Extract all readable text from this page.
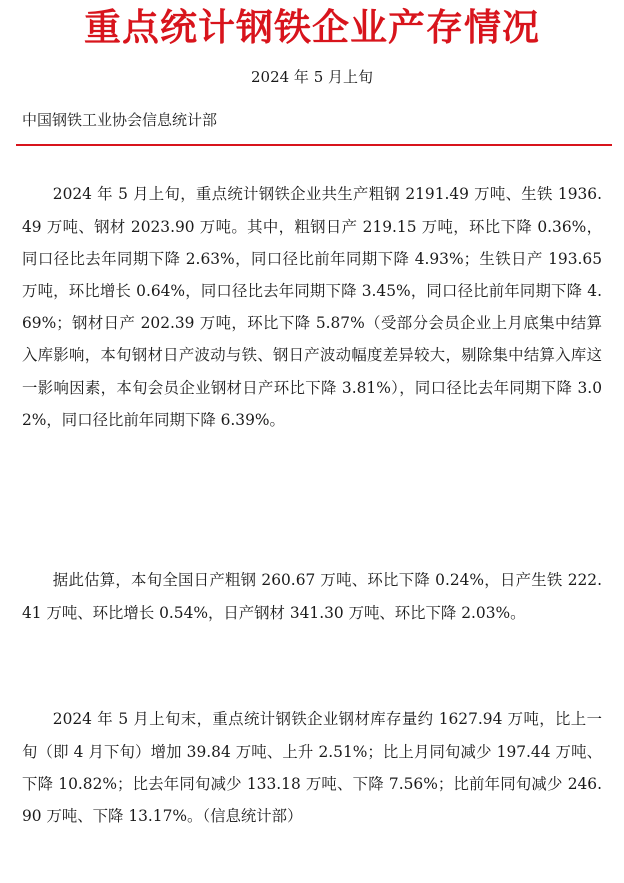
重点统计钢铁企业产存情况
2024 年 5 月上旬
中国钢铁工业协会信息统计部

2024 年 5 月上旬，重点统计钢铁企业共生产粗钢 2191.49 万吨、生铁 1936.49 万吨、钢材 2023.90 万吨。其中，粗钢日产 219.15 万吨，环比下降 0.36%，同口径比去年同期下降 2.63%，同口径比前年同期下降 4.93%；生铁日产 193.65 万吨，环比增长 0.64%，同口径比去年同期下降 3.45%，同口径比前年同期下降 4.69%；钢材日产 202.39 万吨，环比下降 5.87%（受部分会员企业上月底集中结算入库影响，本旬钢材日产波动与铁、钢日产波动幅度差异较大，剔除集中结算入库这一影响因素，本旬会员企业钢材日产环比下降 3.81%），同口径比去年同期下降 3.02%，同口径比前年同期下降 6.39%。

据此估算，本旬全国日产粗钢 260.67 万吨、环比下降 0.24%，日产生铁 222.41 万吨、环比增长 0.54%，日产钢材 341.30 万吨、环比下降 2.03%。

2024 年 5 月上旬末，重点统计钢铁企业钢材库存量约 1627.94 万吨，比上一旬（即 4 月下旬）增加 39.84 万吨、上升 2.51%；比上月同旬减少 197.44 万吨、下降 10.82%；比去年同旬减少 133.18 万吨、下降 7.56%；比前年同旬减少 246.90 万吨、下降 13.17%。（信息统计部）
